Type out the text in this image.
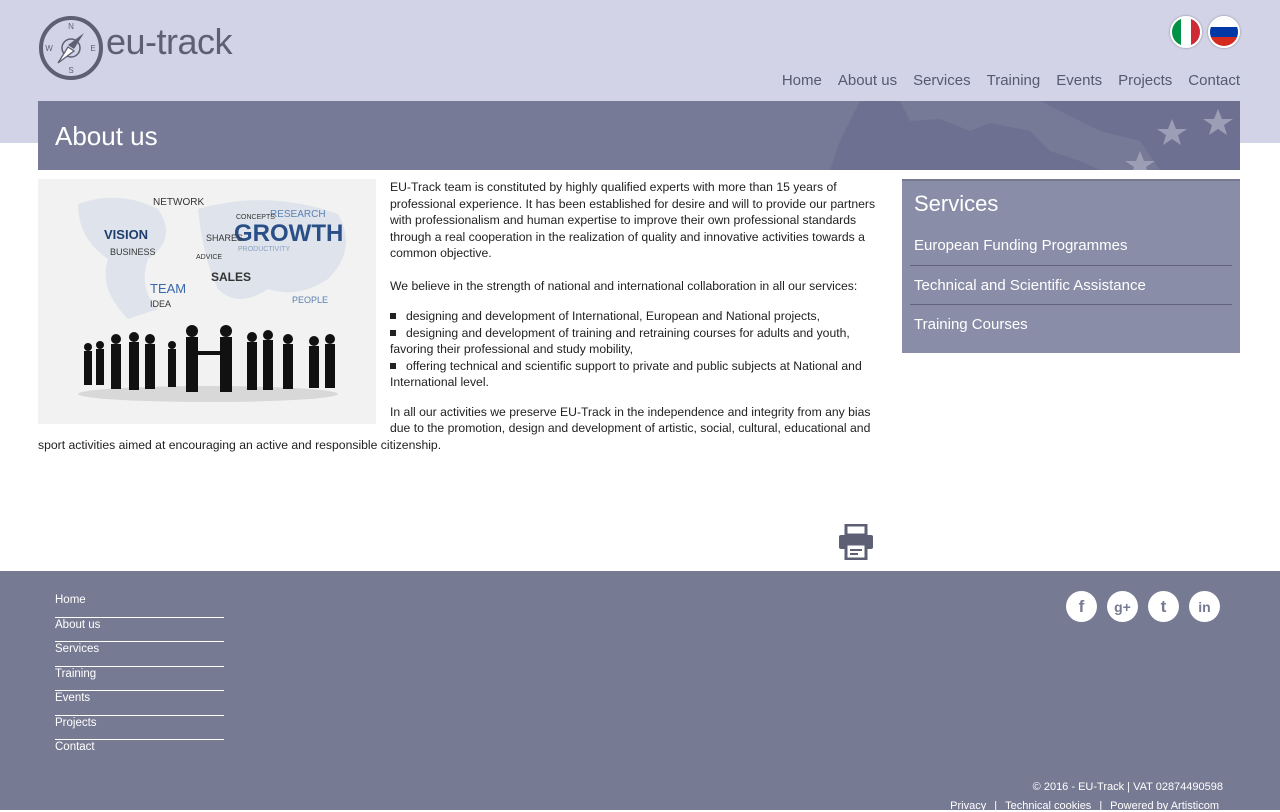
N
E
S
W eu-track
Home About us Services Training Events Projects Contact
About us
NETWORK
VISION	GROWTH
RESEARCH
BUSINESS
SALES
TEAM
IDEA
SHARES
PEOPLE
ADVICE
CONCEPTS
PRODUCTIVITY

EU-Track team is constituted by highly qualified experts with more than 15 years of professional experience. It has been established for desire and will to provide our partners with professionalism and human expertise to improve their own professional standards through a real cooperation in the realization of quality and innovative activities towards a common objective.

We believe in the strength of national and international collaboration in all our services:

designing and development of International, European and National projects,

designing and development of training and retraining courses for adults and youth, favoring their professional and study mobility,

offering technical and scientific support to private and public subjects at National and International level.

In all our activities we preserve EU-Track in the independence and integrity from any bias due to the promotion, design and development of artistic, social, cultural, educational and sport activities aimed at encouraging an active and responsible citizenship.

Services
European Funding Programmes
Technical and Scientific Assistance
Training Courses
Home
About us
Services
Training
Events
Projects
Contact
f	g+	t	in
© 2016 - EU-Track | VAT 02874490598
Privacy | Technical cookies | Powered by Artisticom
